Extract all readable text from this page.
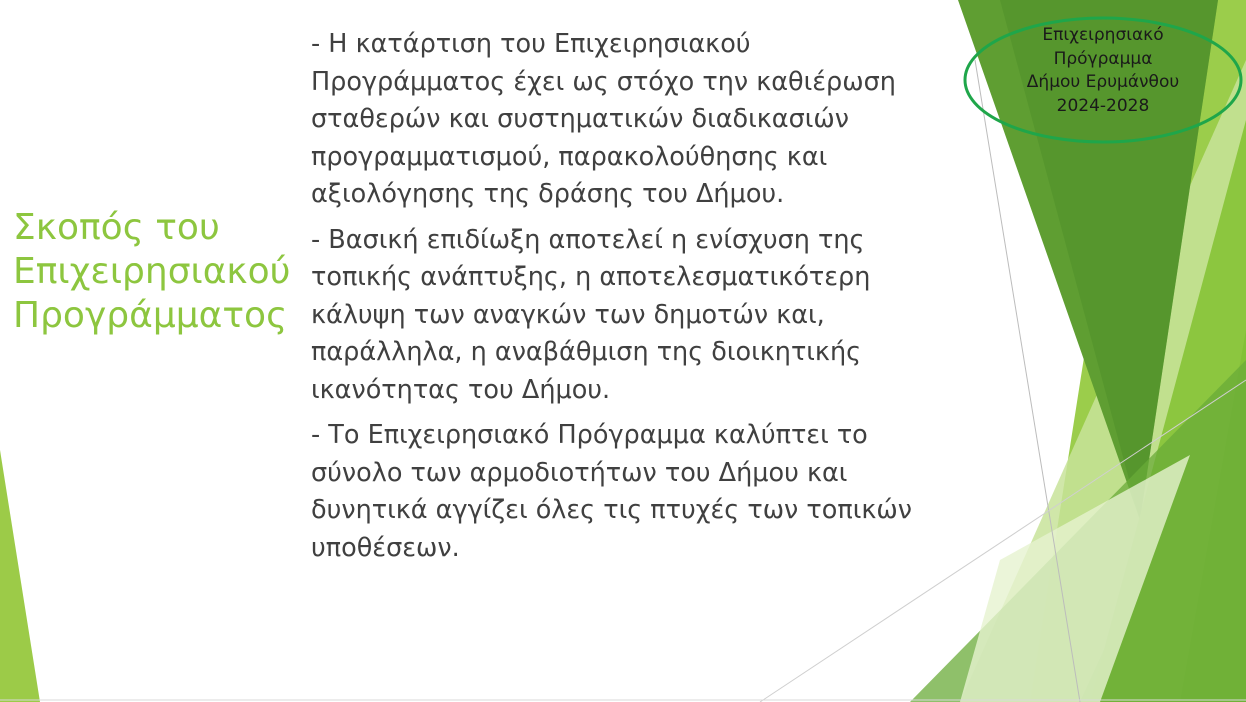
Σκοπός του
Επιχειρησιακού
Προγράμματος

- Η κατάρτιση του Επιχειρησιακού
Προγράμματος έχει ως στόχο την καθιέρωση
σταθερών και συστηματικών διαδικασιών
προγραμματισμού, παρακολούθησης και
αξιολόγησης της δράσης του Δήμου.

- Βασική επιδίωξη αποτελεί η ενίσχυση της
τοπικής ανάπτυξης, η αποτελεσματικότερη
κάλυψη των αναγκών των δημοτών και,
παράλληλα, η αναβάθμιση της διοικητικής
ικανότητας του Δήμου.

- Το Επιχειρησιακό Πρόγραμμα καλύπτει το
σύνολο των αρμοδιοτήτων του Δήμου και
δυνητικά αγγίζει όλες τις πτυχές των τοπικών
υποθέσεων.

Επιχειρησιακό
Πρόγραμμα
Δήμου Ερυμάνθου
2024-2028
